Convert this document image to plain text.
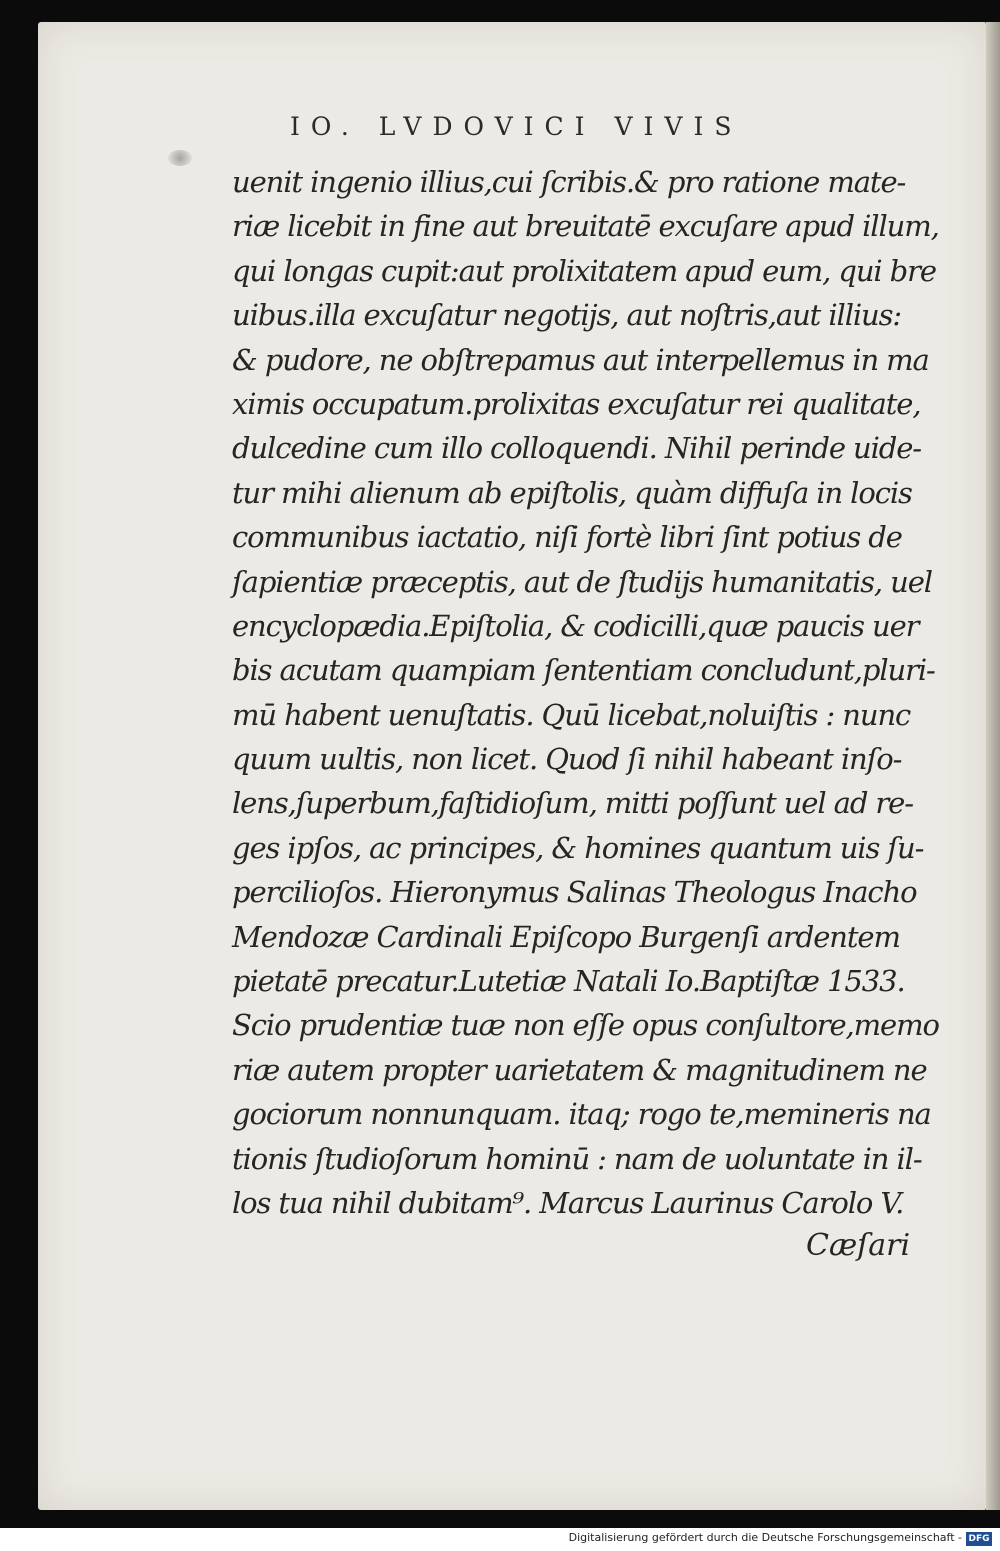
IO. LVDOVICI VIVIS
uenit ingenio illius,cui ſcribis.& pro ratione mate-
riæ licebit in fine aut breuitatē excuſare apud illum,
qui longas cupit:aut prolixitatem apud eum, qui bre
uibus.illa excuſatur negotijs, aut noſtris,aut illius:
& pudore, ne obſtrepamus aut interpellemus in ma
ximis occupatum.prolixitas excuſatur rei qualitate,
dulcedine cum illo colloquendi. Nihil perinde uide-
tur mihi alienum ab epiſtolis, quàm diffuſa in locis
communibus iactatio, niſi fortè libri ſint potius de
ſapientiæ præceptis, aut de ſtudijs humanitatis, uel
encyclopædia.Epiſtolia, & codicilli,quæ paucis uer
bis acutam quampiam ſententiam concludunt,pluri-
mū habent uenuſtatis. Quū licebat,noluiſtis : nunc
quum uultis, non licet. Quod ſi nihil habeant inſo-
lens,ſuperbum,faſtidioſum, mitti poſſunt uel ad re-
ges ipſos, ac principes, & homines quantum uis ſu-
percilioſos. Hieronymus Salinas Theologus Inacho
Mendozæ Cardinali Epiſcopo Burgenſi ardentem
pietatē precatur.Lutetiæ Natali Io.Baptiſtæ 1533.
Scio prudentiæ tuæ non eſſe opus conſultore,memo
riæ autem propter uarietatem & magnitudinem ne
gociorum nonnunquam. itaq; rogo te,memineris na
tionis ſtudioſorum hominū : nam de uoluntate in il-
los tua nihil dubitam⁹. Marcus Laurinus Carolo V.
Cæſari
Digitalisierung gefördert durch die Deutsche Forschungsgemeinschaft - DFG
